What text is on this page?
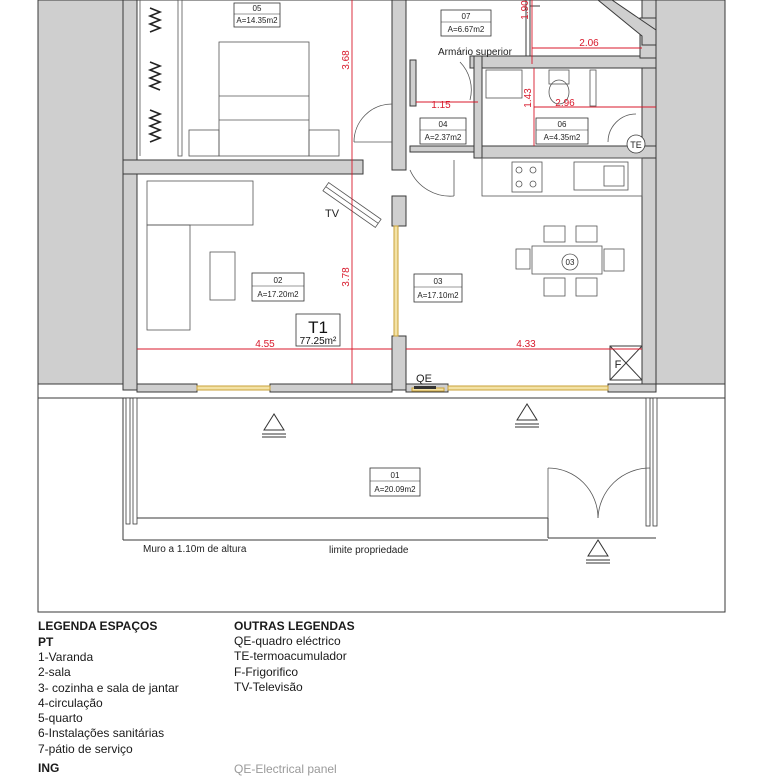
05
A=14.35m2	07
A=6.67m2
04
A=2.37m2
06
A=4.35m2
02
A=17.20m2
03
A=17.10m2
01
A=20.09m2
T1
77.25m²
3.68
1.90
2.06
1.15	1.43 2.96
3.78
4.55	4.33
Armário superior
TV
TE
QE
F
03
Muro a 1.10m de altura	limite propriedade
LEGENDA ESPAÇOS
PT
1-Varanda
2-sala
3- cozinha e sala de jantar
4-circulação
5-quarto
6-Instalações sanitárias
7-pátio de serviço
ING
OUTRAS LEGENDAS
QE-quadro eléctrico
TE-termoacumulador
F-Frigorifico
TV-Televisão
QE-Electrical panel
